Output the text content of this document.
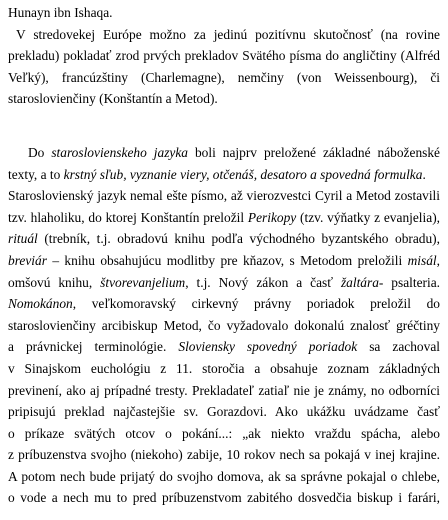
Hunayn ibn Ishaqa.
V stredovekej Európe možno za jedinú pozitívnu skutočnosť (na rovine
prekladu) pokladať zrod prvých prekladov Svätého písma do angličtiny (Alfréd
Veľký), francúzštiny (Charlemagne), nemčiny (von Weissenbourg), či
staroslovienčiny (Konštantín a Metod).
Do staroslovienskeho jazyka boli najprv preložené základné náboženské
texty, a to krstný sľub, vyznanie viery, otčenáš, desatoro a spovedná formulka.
Staroslovienský jazyk nemal ešte písmo, až vierozvestci Cyril a Metod zostavili
tzv. hlaholiku, do ktorej Konštantín preložil Perikopy (tzv. výňatky z evanjelia),
rituál (trebník, t.j. obradovú knihu podľa východného byzantského obradu),
breviár – knihu obsahujúcu modlitby pre kňazov, s Metodom preložili misál,
omšovú knihu, štvorevanjelium, t.j. Nový zákon a časť žaltára- psalteria.
Nomokánon, veľkomoravský cirkevný právny poriadok preložil do
staroslovienčiny arcibiskup Metod, čo vyžadovalo dokonalú znalosť gréčtiny
a právnickej terminológie. Sloviensky spovedný poriadok sa zachoval
v Sinajskom euchológiu z 11. storočia a obsahuje zoznam základných
previnení, ako aj prípadné tresty. Prekladateľ zatiaľ nie je známy, no odborníci
pripisujú preklad najčastejšie sv. Gorazdovi. Ako ukážku uvádzame časť
o príkaze svätých otcov o pokání...: „ak niekto vraždu spácha, alebo
z príbuzenstva svojho (niekoho) zabije, 10 rokov nech sa pokajá v inej krajine.
A potom nech bude prijatý do svojho domova, ak sa správne pokajal o chlebe,
o vode a nech mu to pred príbuzenstvom zabitého dosvedčia biskup i farári,
